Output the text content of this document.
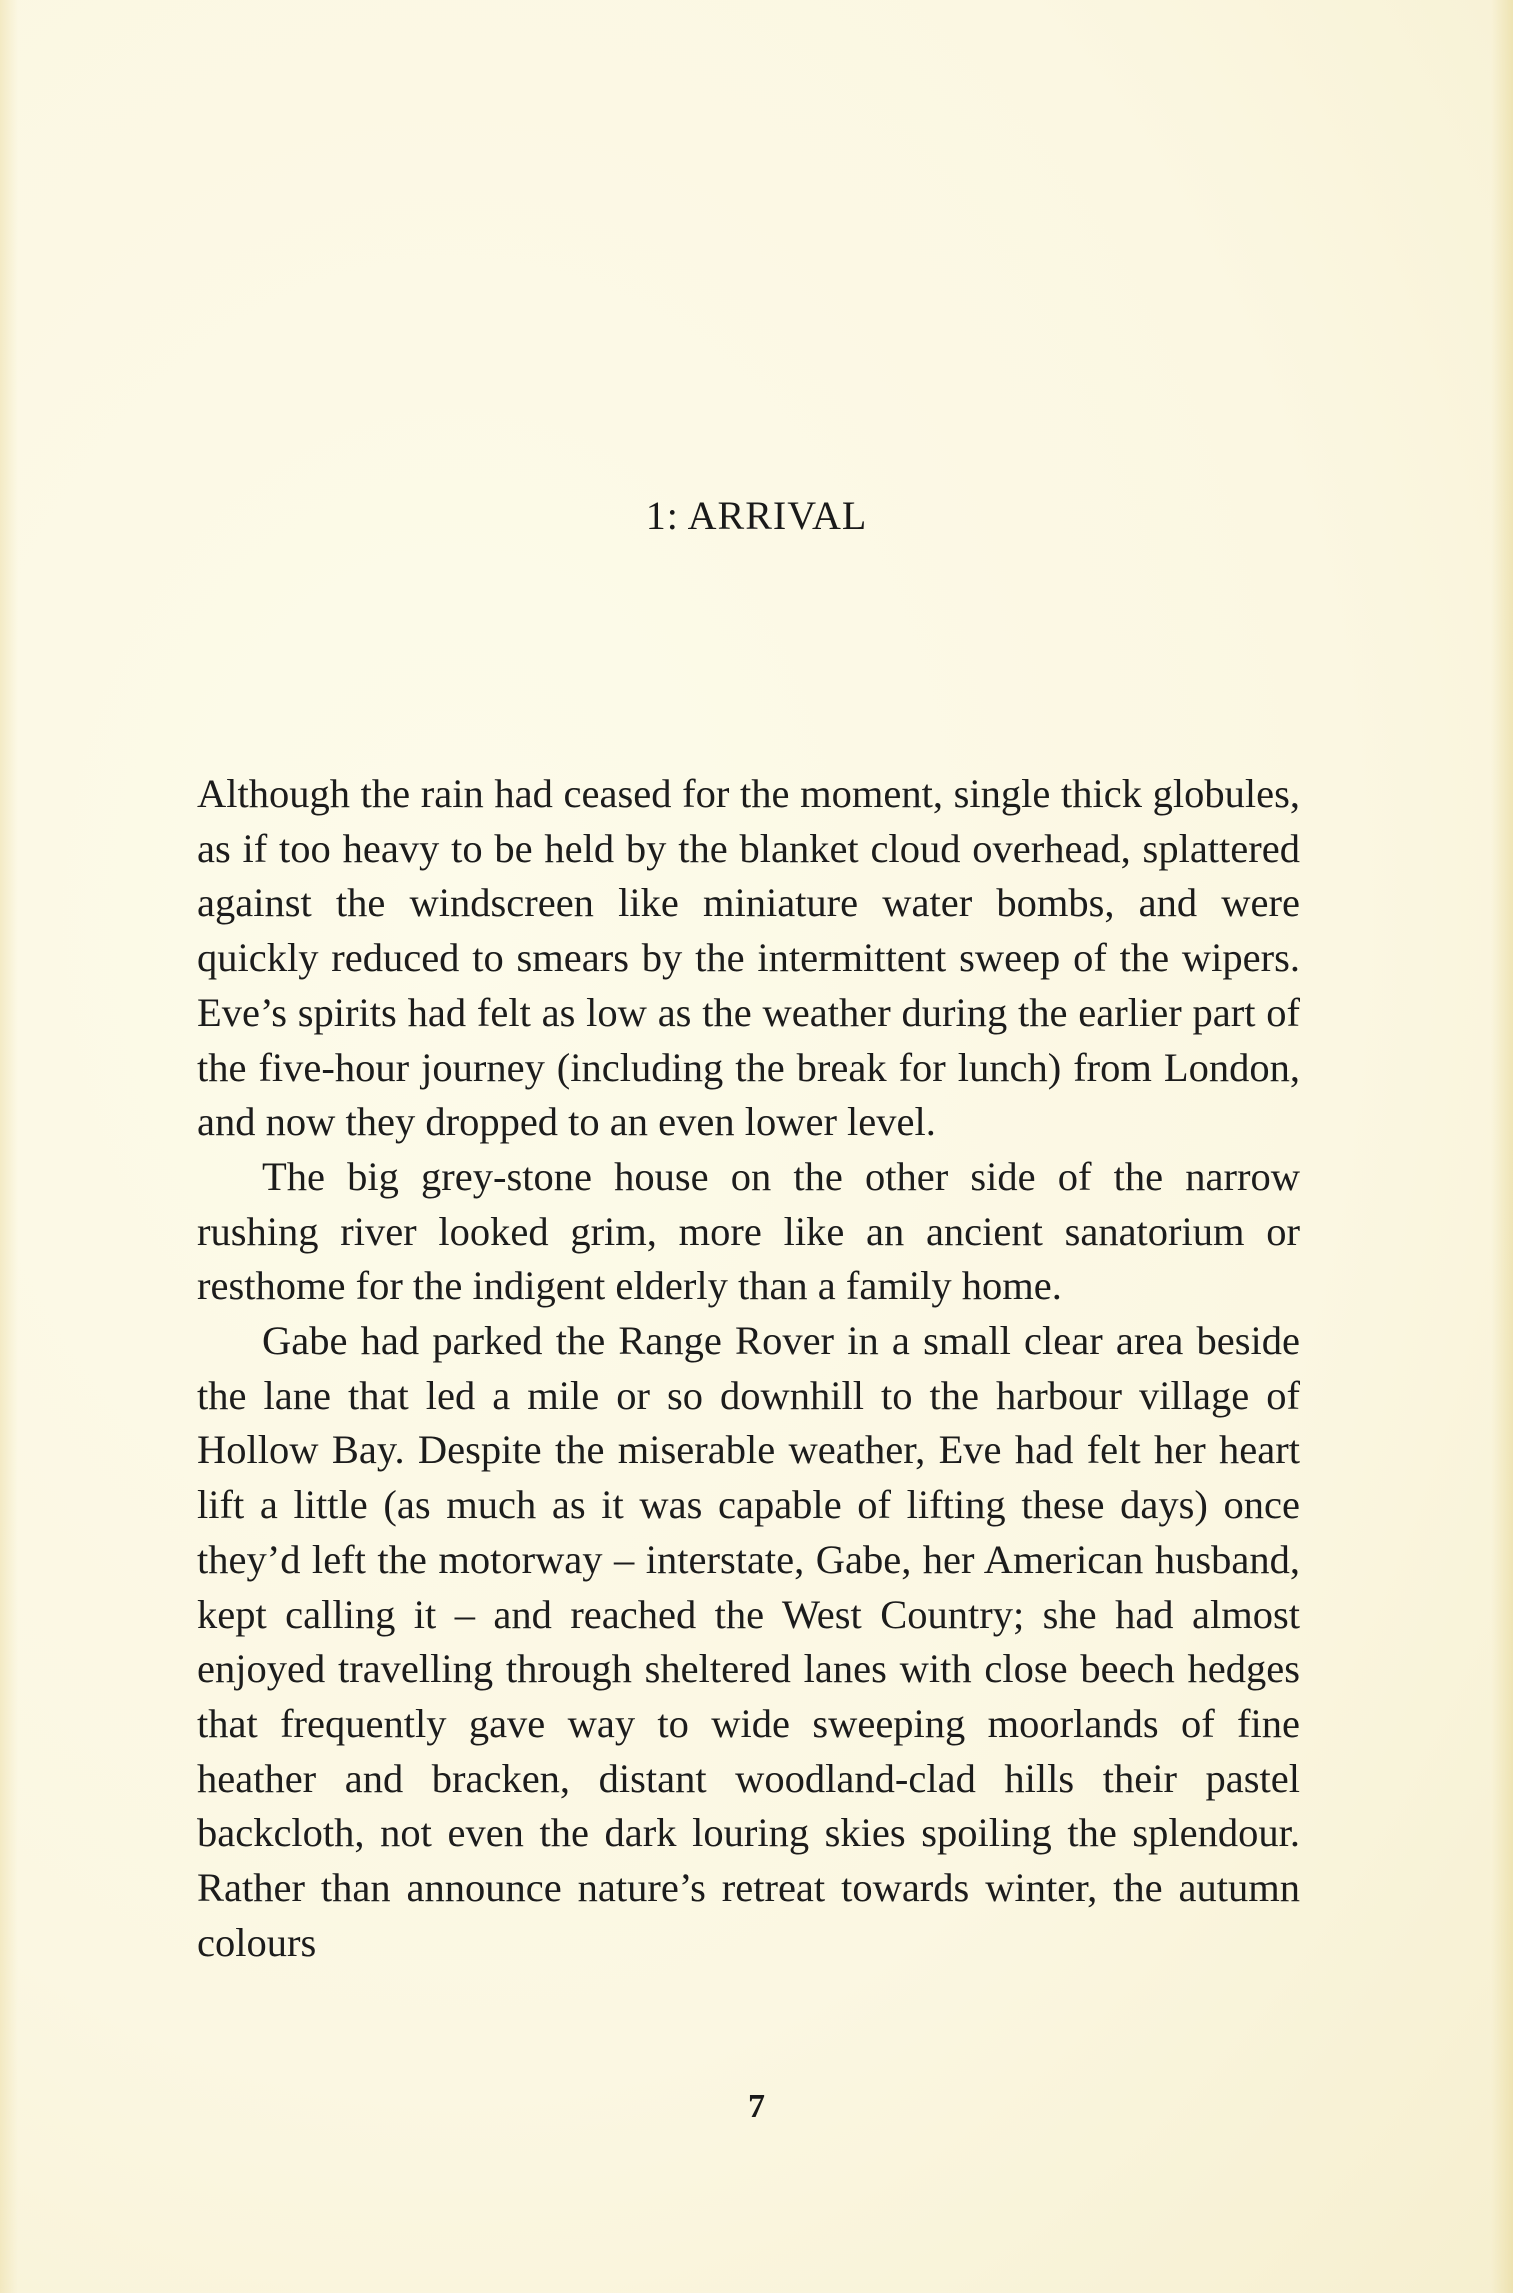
1: ARRIVAL

Although the rain had ceased for the moment, single thick globules, as if too heavy to be held by the blanket cloud overhead, splattered against the windscreen like miniature water bombs, and were quickly reduced to smears by the intermittent sweep of the wipers. Eve’s spirits had felt as low as the weather during the earlier part of the five-hour journey (including the break for lunch) from London, and now they dropped to an even lower level.

The big grey-stone house on the other side of the narrow rushing river looked grim, more like an ancient sanatorium or resthome for the indigent elderly than a family home.

Gabe had parked the Range Rover in a small clear area beside the lane that led a mile or so downhill to the harbour village of Hollow Bay. Despite the miserable weather, Eve had felt her heart lift a little (as much as it was capable of lifting these days) once they’d left the motorway – interstate, Gabe, her American husband, kept calling it – and reached the West Country; she had almost enjoyed travelling through sheltered lanes with close beech hedges that frequently gave way to wide sweeping moorlands of fine heather and bracken, distant woodland-clad hills their pastel backcloth, not even the dark louring skies spoiling the splendour. Rather than announce nature’s retreat towards winter, the autumn colours

7
